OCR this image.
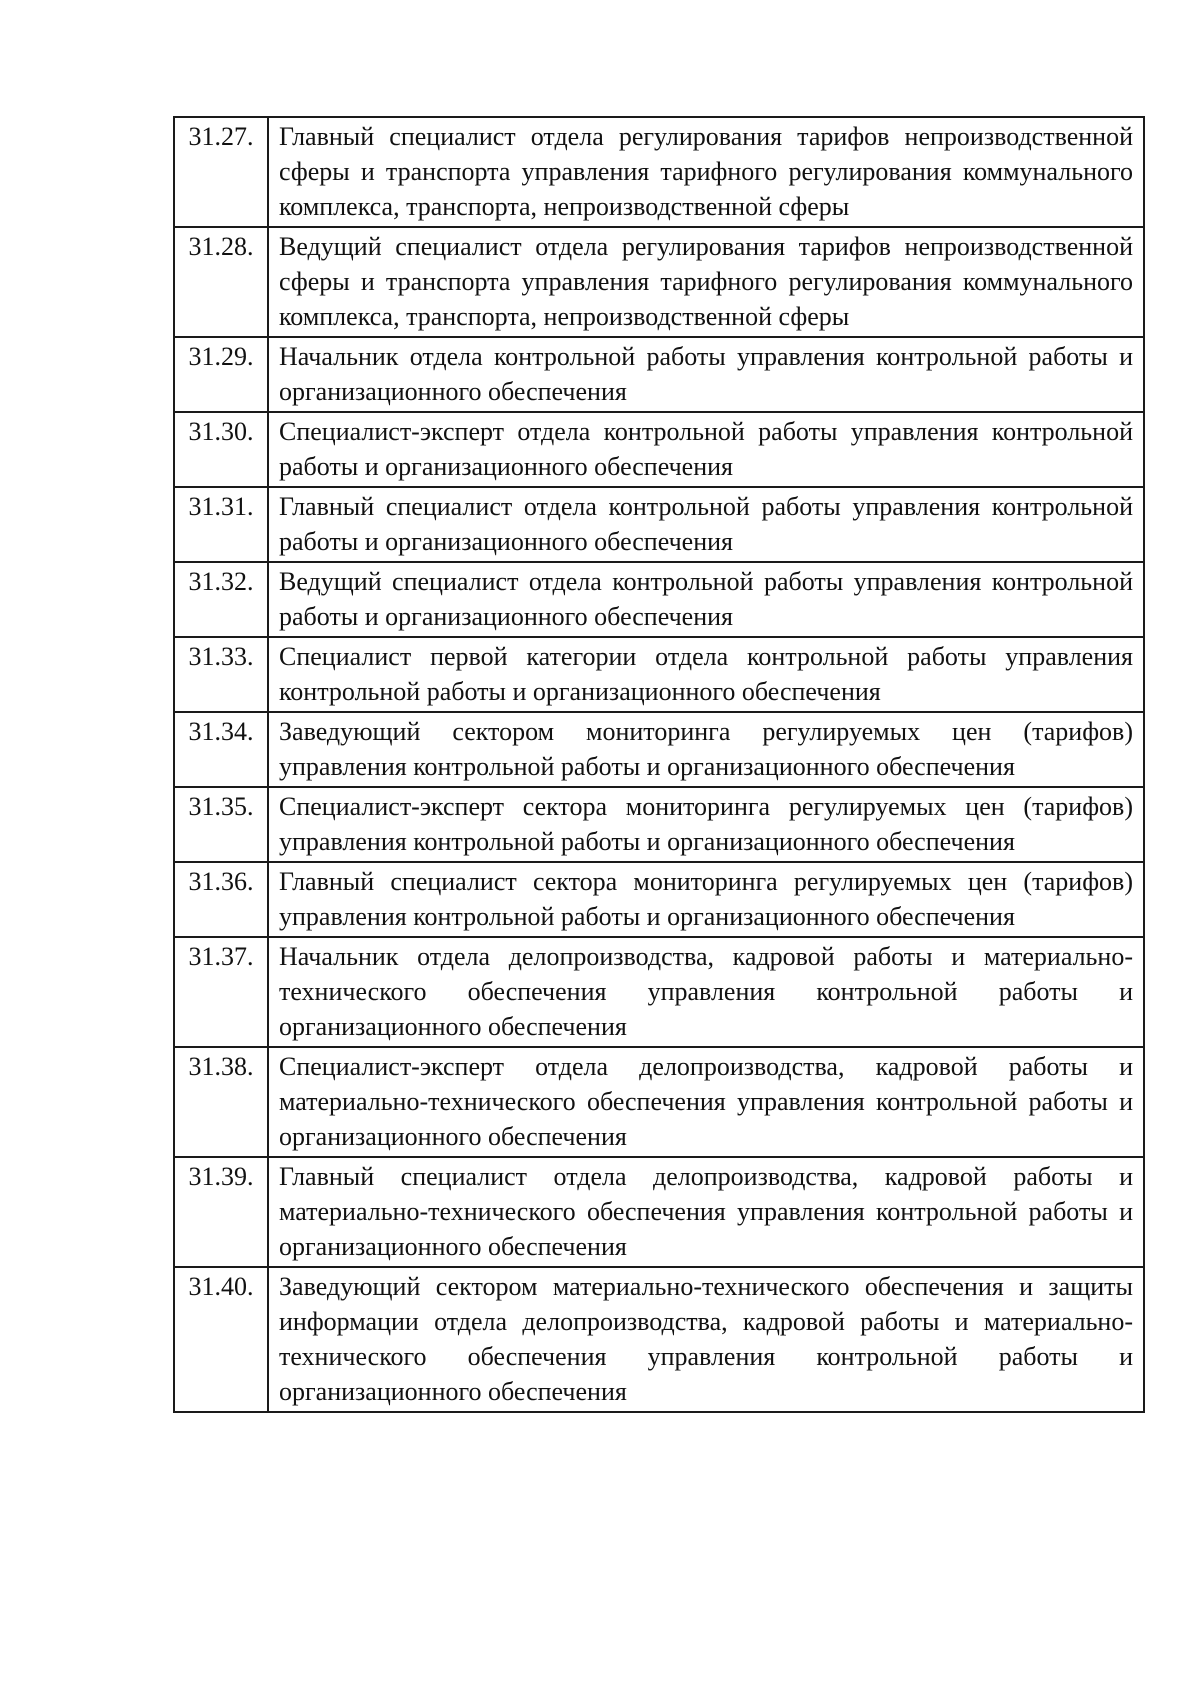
31.27.	Главный специалист отдела регулирования тарифов непроизводственной сферы и транспорта управления тарифного регулирования коммунального комплекса, транспорта, непроизводственной сферы
31.28.	Ведущий специалист отдела регулирования тарифов непроизводственной сферы и транспорта управления тарифного регулирования коммунального комплекса, транспорта, непроизводственной сферы
31.29.	Начальник отдела контрольной работы управления контрольной работы и организационного обеспечения
31.30.	Специалист-эксперт отдела контрольной работы управления контрольной работы и организационного обеспечения
31.31.	Главный специалист отдела контрольной работы управления контрольной работы и организационного обеспечения
31.32.	Ведущий специалист отдела контрольной работы управления контрольной работы и организационного обеспечения
31.33.	Специалист первой категории отдела контрольной работы управления контрольной работы и организационного обеспечения
31.34.	Заведующий сектором мониторинга регулируемых цен (тарифов) управления контрольной работы и организационного обеспечения
31.35.	Специалист-эксперт сектора мониторинга регулируемых цен (тарифов) управления контрольной работы и организационного обеспечения
31.36.	Главный специалист сектора мониторинга регулируемых цен (тарифов) управления контрольной работы и организационного обеспечения
31.37.	Начальник отдела делопроизводства, кадровой работы и материально-технического обеспечения управления контрольной работы и организационного обеспечения
31.38.	Специалист-эксперт отдела делопроизводства, кадровой работы и материально-технического обеспечения управления контрольной работы и организационного обеспечения
31.39.	Главный специалист отдела делопроизводства, кадровой работы и материально-технического обеспечения управления контрольной работы и организационного обеспечения
31.40.	Заведующий сектором материально-технического обеспечения и защиты информации отдела делопроизводства, кадровой работы и материально-технического обеспечения управления контрольной работы и организационного обеспечения
